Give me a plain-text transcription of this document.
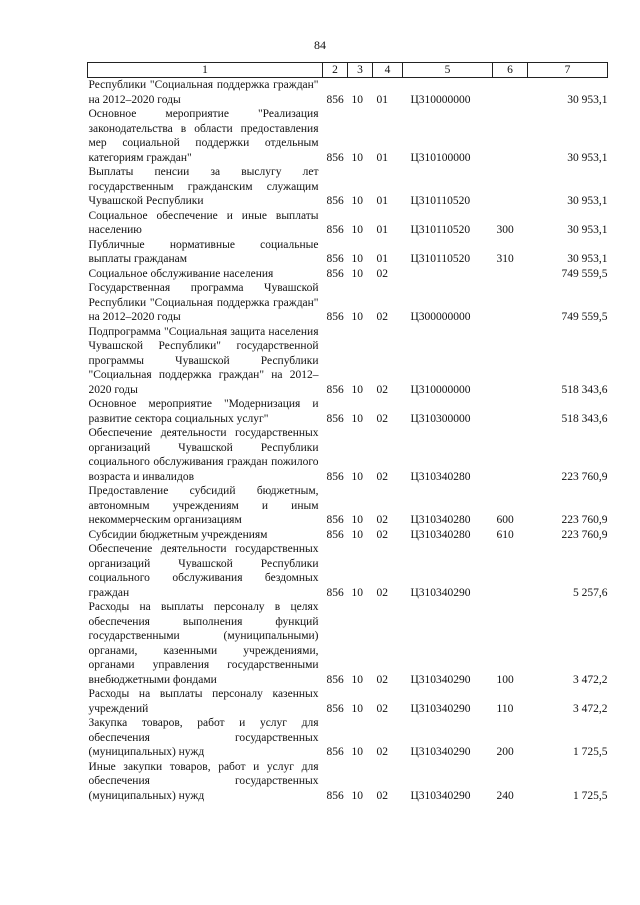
84
1	2	3	4	5	6	7
Республики "Социальная поддержка граждан" на 2012–2020 годы	856	10	01	Ц310000000		30 953,1
Основное мероприятие "Реализация законодательства в области предоставления мер социальной поддержки отдельным категориям граждан"	856	10	01	Ц310100000		30 953,1
Выплаты пенсии за выслугу лет государственным гражданским служащим Чувашской Республики	856	10	01	Ц310110520		30 953,1
Социальное обеспечение и иные выплаты населению	856	10	01	Ц310110520	300	30 953,1
Публичные нормативные социальные выплаты гражданам	856	10	01	Ц310110520	310	30 953,1
Социальное обслуживание населения	856	10	02			749 559,5
Государственная программа Чувашской Республики "Социальная поддержка граждан" на 2012–2020 годы	856	10	02	Ц300000000		749 559,5
Подпрограмма "Социальная защита населения Чувашской Республики" государственной программы Чувашской Республики "Социальная поддержка граждан" на 2012–2020 годы	856	10	02	Ц310000000		518 343,6
Основное мероприятие "Модернизация и развитие сектора социальных услуг"	856	10	02	Ц310300000		518 343,6
Обеспечение деятельности государственных организаций Чувашской Республики социального обслуживания граждан пожилого возраста и инвалидов	856	10	02	Ц310340280		223 760,9
Предоставление субсидий бюджетным, автономным учреждениям и иным некоммерческим организациям	856	10	02	Ц310340280	600	223 760,9
Субсидии бюджетным учреждениям	856	10	02	Ц310340280	610	223 760,9
Обеспечение деятельности государственных организаций Чувашской Республики социального обслуживания бездомных граждан	856	10	02	Ц310340290		5 257,6
Расходы на выплаты персоналу в целях обеспечения выполнения функций государственными (муниципальными) органами, казенными учреждениями, органами управления государственными внебюджетными фондами	856	10	02	Ц310340290	100	3 472,2
Расходы на выплаты персоналу казенных учреждений	856	10	02	Ц310340290	110	3 472,2
Закупка товаров, работ и услуг для обеспечения государственных (муниципальных) нужд	856	10	02	Ц310340290	200	1 725,5
Иные закупки товаров, работ и услуг для обеспечения государственных (муниципальных) нужд	856	10	02	Ц310340290	240	1 725,5
